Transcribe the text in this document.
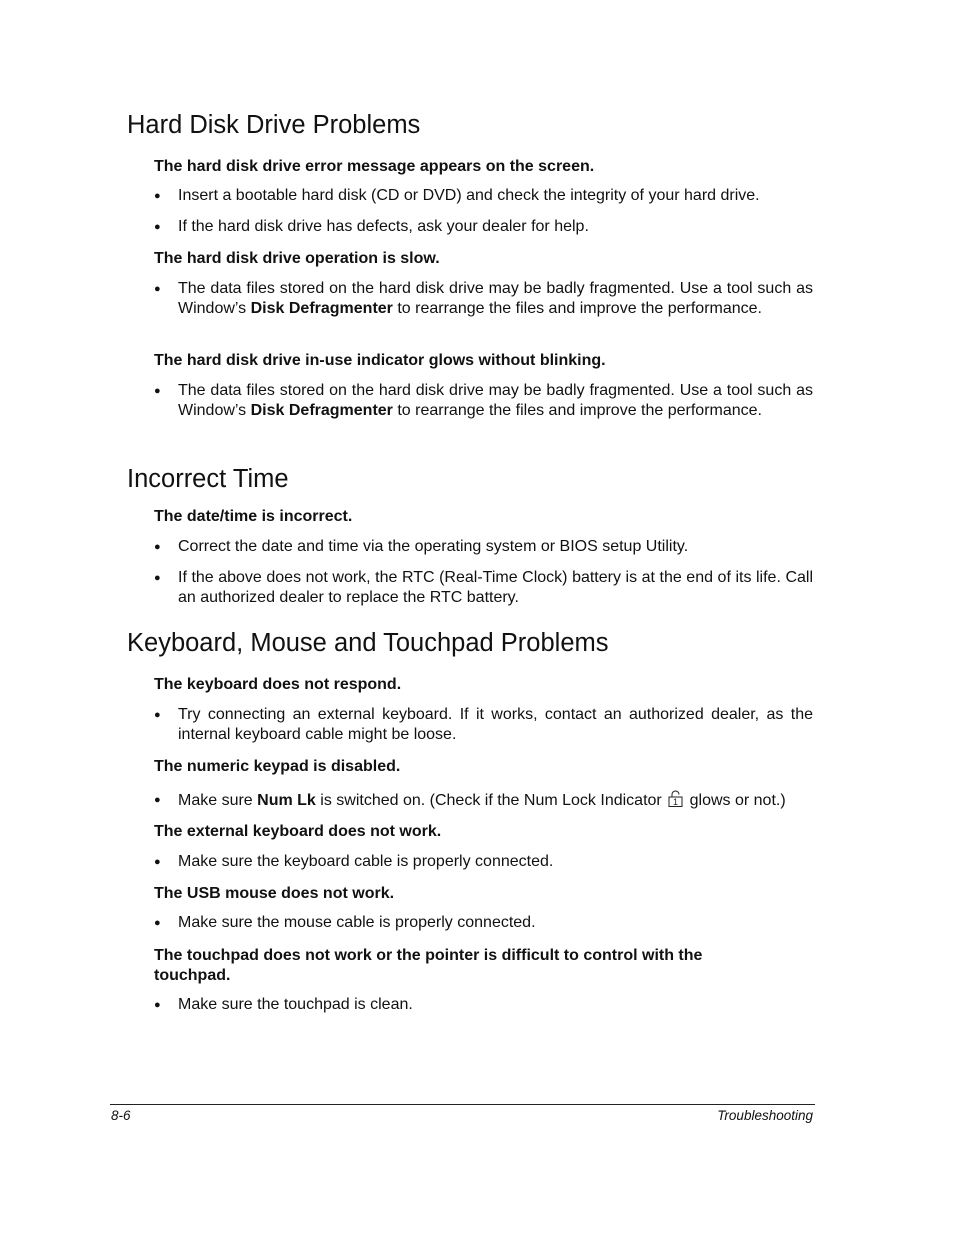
Hard Disk Drive Problems

The hard disk drive error message appears on the screen.

●	Insert a bootable hard disk (CD or DVD) and check the integrity of your hard drive.
●	If the hard disk drive has defects, ask your dealer for help.

The hard disk drive operation is slow.

●	The data files stored on the hard disk drive may be badly fragmented. Use a tool such as Window’s Disk Defragmenter to rearrange the files and improve the performance.

The hard disk drive in-use indicator glows without blinking.

●	The data files stored on the hard disk drive may be badly fragmented. Use a tool such as Window’s Disk Defragmenter to rearrange the files and improve the performance.
Incorrect Time

The date/time is incorrect.

●	Correct the date and time via the operating system or BIOS setup Utility.
●	If the above does not work, the RTC (Real-Time Clock) battery is at the end of its life. Call an authorized dealer to replace the RTC battery.
Keyboard, Mouse and Touchpad Problems

The keyboard does not respond.

●	Try connecting an external keyboard. If it works, contact an authorized dealer, as the internal keyboard cable might be loose.

The numeric keypad is disabled.

●	Make sure Num Lk is switched on. (Check if the Num Lock Indicator 1 glows or not.)

The external keyboard does not work.

●	Make sure the keyboard cable is properly connected.

The USB mouse does not work.

●	Make sure the mouse cable is properly connected.

The touchpad does not work or the pointer is difficult to control with the touchpad.

●	Make sure the touchpad is clean.
8-6	Troubleshooting
